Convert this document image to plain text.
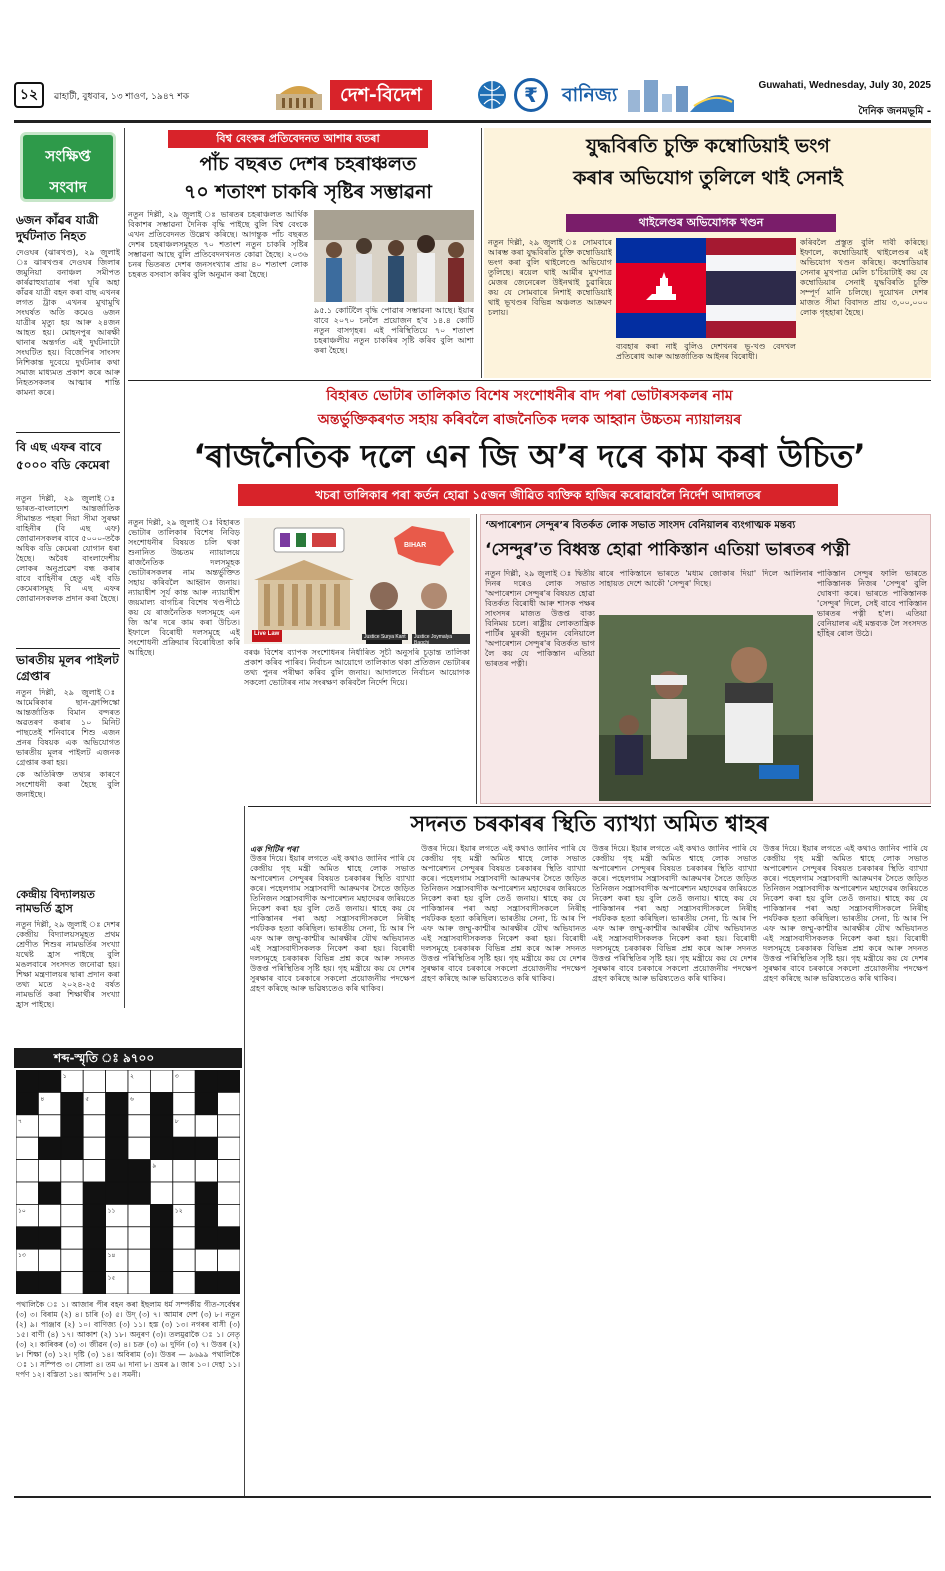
১২	ৱাহাটী, বুধবাৰ, ১৩ শাওণ, ১৯৪৭ শক	দেশ-বিদেশ	₹	বানিজ্য	Guwahati, Wednesday, July 30, 2025
দৈনিক জনমভূমি -
সংক্ষিপ্ত
সংবাদ
৬জন কাঁৱৰ যাত্ৰী দুৰ্ঘটনাত নিহত
দেওঘৰ (ঝাৰখণ্ড), ২৯ জুলাই ঃ ঝাৰখণ্ডৰ দেওঘৰ জিলাৰ জমুনিয়া বনাঞ্চল সমীপত কাৰ্ৰৱাহুযাত্ৰাৰ পৰা ঘূৰি অহা কাঁৱৰ যাত্ৰী বহন কৰা বাছ এখনৰ লগত ট্ৰাক এখনৰ মুখামুখি সংঘৰ্ষত অতি কমেও ৬জন যাত্ৰীৰ মৃত্যু হয় আৰু ২৪জন আহত হয়। মোহনপুৰ আৰক্ষী থানাৰ অন্তৰ্গত এই দুৰ্ঘটনাটো সংঘটিত হয়। বিজেপিৰ সাংসদ নিশিকান্ত দুবেয়ে দুৰ্ঘটনাৰ কথা সমাজ মাধ্যমত প্ৰকাশ কৰে আৰু নিহতসকলৰ আত্মাৰ শান্তি কামনা কৰে।
বি এছ এফৰ বাবে ৫০০০ বডি কেমেৰা
নতুন দিল্লী, ২৯ জুলাই ঃ ভাৰত-বাংলাদেশ আন্তৰ্জাতিক সীমান্তত পহৰা দিয়া সীমা সুৰক্ষা বাহিনীৰ (বি এছ এফ) জোৱানসকলৰ বাবে ৫০০০-তকৈ অধিক বডি কেমেৰা যোগান ধৰা হৈছে। অবৈধ বাংলাদেশীয় লোকৰ অনুপ্ৰৱেশ বন্ধ কৰাৰ বাবে বাহিনীৰ হেতু এই বডি কেমেৰাসমূহ বি এছ এফৰ জোৱানসকলক প্ৰদান কৰা হৈছে।
ভাৰতীয় মূলৰ পাইলট গ্ৰেপ্তাৰ
নতুন দিল্লী, ২৯ জুলাই ঃ আমেৰিকাৰ ছান-ফ্ৰান্সিস্কো আন্তৰ্জাতিক বিমান বন্দৰত অৱতৰণ কৰাৰ ১০ মিনিট পাছতেই শনিবাৰে শিশু এজন প্ৰনৰ বিষয়ক এক অভিযোগত ভাৰতীয় মূলৰ পাইলট এজনক গ্ৰেপ্তাৰ কৰা হয়।
কে অতিৰিক্ত তথ্যৰ কাৰণে সংশোধনী কৰা হৈছে বুলি জনাইছে।
কেন্দ্ৰীয় বিদ্যালয়ত নামভৰ্তি হ্ৰাস
নতুন দিল্লী, ২৯ জুলাই ঃ দেশৰ কেন্দ্ৰীয় বিদ্যালয়সমূহত প্ৰথম শ্ৰেণীত শিশুৰ নামভৰ্তিৰ সংখ্যা যথেষ্ট হ্ৰাস পাইছে বুলি মঙলবাৰে সংসদত জনোৱা হয়। শিক্ষা মন্ত্ৰণালয়ৰ দ্বাৰা প্ৰদান কৰা তথ্য মতে ২০২৪-২৫ বৰ্ষত নামভৰ্তি কৰা শিক্ষাৰ্থীৰ সংখ্যা হ্ৰাস পাইছে।
বিশ্ব বেংকৰ প্ৰতিবেদনত আশাৰ বতৰা
পাঁচ বছৰত দেশৰ চহৰাঞ্চলত
৭০ শতাংশ চাকৰি সৃষ্টিৰ সম্ভাৱনা
নতুন দিল্লী, ২৯ জুলাই ঃ ভাৰতৰ চহৰাঞ্চলত আৰ্থিক বিকাশৰ সম্ভাৱনা দৈনিক বৃদ্ধি পাইছে বুলি বিশ্ব বেংকে এখন প্ৰতিবেদনত উল্লেখ কৰিছে। আগন্তুক পাঁচ বছৰত দেশৰ চহৰাঞ্চলসমূহত ৭০ শতাংশ নতুন চাকৰি সৃষ্টিৰ সম্ভাৱনা আছে বুলি প্ৰতিবেদনখনত কোৱা হৈছে। ২০৩৬ চনৰ ভিতৰত দেশৰ জনসংখ্যাৰ প্ৰায় ৪০ শতাংশ লোক চহৰত বসবাস কৰিব বুলি অনুমান কৰা হৈছে।
৯৫.১ কোটিলৈ বৃদ্ধি পোৱাৰ সম্ভাৱনা আছে। ইয়াৰ বাবে ২০৭০ চনলৈ প্ৰয়োজন হ'ব ১৪.৪ কোটি নতুন বাসগৃহৰ। এই পৰিস্থিতিয়ে ৭০ শতাংশ চহৰাঞ্চলীয় নতুন চাকৰিৰ সৃষ্টি কৰিব বুলি আশা কৰা হৈছে।
যুদ্ধবিৰতি চুক্তি কম্বোডিয়াই ভংগ
কৰাৰ অভিযোগ তুলিলে থাই সেনাই
থাইলেণ্ডৰ অভিযোগক খণ্ডন
নতুন দিল্লী, ২৯ জুলাই ঃ সোমবাৰে আৰম্ভ কৰা যুদ্ধবিৰতি চুক্তি কম্বোডিয়াই ভংগ কৰা বুলি থাইলেণ্ডে অভিযোগ তুলিছে। ৰয়েল থাই আৰ্মীৰ মুখপাত্ৰ মেজৰ জেনেৰেল উইনথাই চুৱাৰিয়ে কয় যে সোমবাৰে নিশাই কম্বোডিয়াই থাই ভূখণ্ডৰ বিভিন্ন অঞ্চলত আক্ৰমণ চলায়।
কৰিবলৈ প্ৰস্তুত বুলি দাবী কৰিছে। ইফালে, কম্বোডিয়াই থাইলেণ্ডৰ এই অভিযোগ খণ্ডন কৰিছে। কম্বোডিয়াৰ সেনাৰ মুখপাত্ৰ মেলি চ'চিয়াটাই কয় যে কম্বোডিয়াৰ সেনাই যুদ্ধবিৰতি চুক্তি সম্পূৰ্ণ মানি চলিছে। দুয়োখন দেশৰ মাজত সীমা বিবাদত প্ৰায় ৩,০০,০০০ লোক গৃহহাৰা হৈছে।
ব্যবহাৰ কৰা নাই বুলিও দেশখনৰ ভূ-খণ্ড বেদখল প্ৰতিৰোধ আৰু আন্তৰ্জাতিক আইনৰ বিৰোধী।
বিহাৰত ভোটাৰ তালিকাত বিশেষ সংশোধনীৰ বাদ পৰা ভোটাৰসকলৰ নাম
অন্তৰ্ভুক্তিকৰণত সহায় কৰিবলৈ ৰাজনৈতিক দলক আহ্বান উচ্চতম ন্যায়ালয়ৰ
‘ৰাজনৈতিক দলে এন জি অ’ৰ দৰে কাম কৰা উচিত’
খচৰা তালিকাৰ পৰা কৰ্তন হোৱা ১৫জন জীৱিত ব্যক্তিক হাজিৰ কৰোৱাবলৈ নিৰ্দেশ আদালতৰ
নতুন দিল্লী, ২৯ জুলাই ঃ বিহাৰত ভোটাৰ তালিকাৰ বিশেষ নিবিড় সংশোধনীৰ বিষয়ত চলি থকা শুনানিত উচ্চতম ন্যায়ালয়ে ৰাজনৈতিক দলসমূহক ভোটাৰসকলৰ নাম অন্তৰ্ভুক্তিত সহায় কৰিবলৈ আহ্বান জনায়। ন্যায়াধীশ সূৰ্য কান্ত আৰু ন্যায়াধীশ জয়মাল্য বাগচিৰ বিশেষ খণ্ডপীঠে কয় যে ৰাজনৈতিক দলসমূহে এন জি অ'ৰ দৰে কাম কৰা উচিত। ইফালে বিৰোধী দলসমূহে এই সংশোধনী প্ৰক্ৰিয়াৰ বিৰোধিতা কৰি আহিছে।
BIHAR
Justice Surya Kant	Justice Joymalya Bagchi
Live Law
বৰঞ্চ বিশেষ ব্যাপক সংশোধনৰ নিৰ্ধাৰিত সূচী অনুসৰি চূড়ান্ত তালিকা প্ৰকাশ কৰিব পাৰিব। নিৰ্বাচন আয়োগে তালিকাত থকা প্ৰতিজন ভোটাৰৰ তথ্য পুনৰ পৰীক্ষা কৰিব বুলি জনায়। আদালতে নিৰ্বাচন আয়োগক সকলো ভোটাৰৰ নাম সংৰক্ষণ কৰিবলৈ নিৰ্দেশ দিয়ে।
‘অপাৰেশ্যন সেন্দুৰ’ৰ বিতৰ্কত লোক সভাত সাংসদ বেনিয়ালৰ ব্যংগাত্মক মন্তব্য
‘সেন্দুৰ’ত বিধ্বস্ত হোৱা পাকিস্তান এতিয়া ভাৰতৰ পত্নী
নতুন দিল্লী, ২৯ জুলাই ঃ দ্বিতীয় দিনৰ দৰেও লোক সভাত 'অপাৰেশ্যন সেন্দুৰ'ৰ বিষয়ত হোৱা বিতৰ্কত বিৰোধী আৰু শাসক পক্ষৰ সাংসদৰ মাজত উত্তপ্ত বাক্য বিনিময় চলে। ৰাষ্ট্ৰীয় লোকতান্ত্ৰিক পাৰ্টিৰ মুৰব্বী হনুমান বেনিয়ালে 'অপাৰেশ্যন সেন্দুৰ'ৰ বিতৰ্কত ভাগ লৈ কয় যে পাকিস্তান এতিয়া ভাৰতৰ পত্নী।
ৰাৰে পাকিস্তানে ভাৰতে 'মধ্যম জোকাৰ দিয়া' দিলে আলিনাৰ সাহায়ত দেশে আকৌ 'সেন্দুৰ' দিছে।
পাকিস্তান সেন্দুৰ ফালি ভাৰতে পাকিস্তানক নিজৰ 'সেন্দুৰ' বুলি ঘোষণা কৰে। ভাৰতে পাকিস্তানক 'সেন্দুৰ' দিলে, সেই বাবে পাকিস্তান ভাৰতৰ পত্নী হ'ল। এতিয়া বেনিয়ালৰ এই মন্তব্যক লৈ সংসদত হাঁহিৰ ৰোল উঠে।
সদনত চৰকাৰৰ স্থিতি ব্যাখ্যা অমিত শ্বাহৰ
এক গিটিৰ পৰা
উত্তৰ দিয়ে। ইয়াৰ লগতে এই কথাও জানিব পাৰি যে কেন্দ্ৰীয় গৃহ মন্ত্ৰী অমিত শ্বাহে লোক সভাত অপাৰেশ্যন সেন্দুৰৰ বিষয়ত চৰকাৰৰ স্থিতি ব্যাখ্যা কৰে। পহেলগাম সন্ত্ৰাসবাদী আক্ৰমণৰ সৈতে জড়িত তিনিজন সন্ত্ৰাসবাদীক অপাৰেশ্যন মহাদেৱৰ জৰিয়তে নিকেশ কৰা হয় বুলি তেওঁ জনায়। শ্বাহে কয় যে পাকিস্তানৰ পৰা অহা সন্ত্ৰাসবাদীসকলে নিৰীহ পৰ্যটকক হত্যা কৰিছিল। ভাৰতীয় সেনা, চি আৰ পি এফ আৰু জম্মু-কাশ্মীৰ আৰক্ষীৰ যৌথ অভিযানত এই সন্ত্ৰাসবাদীসকলক নিকেশ কৰা হয়। বিৰোধী দলসমূহে চৰকাৰক বিভিন্ন প্ৰশ্ন কৰে আৰু সদনত উত্তপ্ত পৰিস্থিতিৰ সৃষ্টি হয়। গৃহ মন্ত্ৰীয়ে কয় যে দেশৰ সুৰক্ষাৰ বাবে চৰকাৰে সকলো প্ৰয়োজনীয় পদক্ষেপ গ্ৰহণ কৰিছে আৰু ভৱিষ্যতেও কৰি থাকিব।
উত্তৰ দিয়ে। ইয়াৰ লগতে এই কথাও জানিব পাৰি যে কেন্দ্ৰীয় গৃহ মন্ত্ৰী অমিত শ্বাহে লোক সভাত অপাৰেশ্যন সেন্দুৰৰ বিষয়ত চৰকাৰৰ স্থিতি ব্যাখ্যা কৰে। পহেলগাম সন্ত্ৰাসবাদী আক্ৰমণৰ সৈতে জড়িত তিনিজন সন্ত্ৰাসবাদীক অপাৰেশ্যন মহাদেৱৰ জৰিয়তে নিকেশ কৰা হয় বুলি তেওঁ জনায়। শ্বাহে কয় যে পাকিস্তানৰ পৰা অহা সন্ত্ৰাসবাদীসকলে নিৰীহ পৰ্যটকক হত্যা কৰিছিল। ভাৰতীয় সেনা, চি আৰ পি এফ আৰু জম্মু-কাশ্মীৰ আৰক্ষীৰ যৌথ অভিযানত এই সন্ত্ৰাসবাদীসকলক নিকেশ কৰা হয়। বিৰোধী দলসমূহে চৰকাৰক বিভিন্ন প্ৰশ্ন কৰে আৰু সদনত উত্তপ্ত পৰিস্থিতিৰ সৃষ্টি হয়। গৃহ মন্ত্ৰীয়ে কয় যে দেশৰ সুৰক্ষাৰ বাবে চৰকাৰে সকলো প্ৰয়োজনীয় পদক্ষেপ গ্ৰহণ কৰিছে আৰু ভৱিষ্যতেও কৰি থাকিব।
উত্তৰ দিয়ে। ইয়াৰ লগতে এই কথাও জানিব পাৰি যে কেন্দ্ৰীয় গৃহ মন্ত্ৰী অমিত শ্বাহে লোক সভাত অপাৰেশ্যন সেন্দুৰৰ বিষয়ত চৰকাৰৰ স্থিতি ব্যাখ্যা কৰে। পহেলগাম সন্ত্ৰাসবাদী আক্ৰমণৰ সৈতে জড়িত তিনিজন সন্ত্ৰাসবাদীক অপাৰেশ্যন মহাদেৱৰ জৰিয়তে নিকেশ কৰা হয় বুলি তেওঁ জনায়। শ্বাহে কয় যে পাকিস্তানৰ পৰা অহা সন্ত্ৰাসবাদীসকলে নিৰীহ পৰ্যটকক হত্যা কৰিছিল। ভাৰতীয় সেনা, চি আৰ পি এফ আৰু জম্মু-কাশ্মীৰ আৰক্ষীৰ যৌথ অভিযানত এই সন্ত্ৰাসবাদীসকলক নিকেশ কৰা হয়। বিৰোধী দলসমূহে চৰকাৰক বিভিন্ন প্ৰশ্ন কৰে আৰু সদনত উত্তপ্ত পৰিস্থিতিৰ সৃষ্টি হয়। গৃহ মন্ত্ৰীয়ে কয় যে দেশৰ সুৰক্ষাৰ বাবে চৰকাৰে সকলো প্ৰয়োজনীয় পদক্ষেপ গ্ৰহণ কৰিছে আৰু ভৱিষ্যতেও কৰি থাকিব।
উত্তৰ দিয়ে। ইয়াৰ লগতে এই কথাও জানিব পাৰি যে কেন্দ্ৰীয় গৃহ মন্ত্ৰী অমিত শ্বাহে লোক সভাত অপাৰেশ্যন সেন্দুৰৰ বিষয়ত চৰকাৰৰ স্থিতি ব্যাখ্যা কৰে। পহেলগাম সন্ত্ৰাসবাদী আক্ৰমণৰ সৈতে জড়িত তিনিজন সন্ত্ৰাসবাদীক অপাৰেশ্যন মহাদেৱৰ জৰিয়তে নিকেশ কৰা হয় বুলি তেওঁ জনায়। শ্বাহে কয় যে পাকিস্তানৰ পৰা অহা সন্ত্ৰাসবাদীসকলে নিৰীহ পৰ্যটকক হত্যা কৰিছিল। ভাৰতীয় সেনা, চি আৰ পি এফ আৰু জম্মু-কাশ্মীৰ আৰক্ষীৰ যৌথ অভিযানত এই সন্ত্ৰাসবাদীসকলক নিকেশ কৰা হয়। বিৰোধী দলসমূহে চৰকাৰক বিভিন্ন প্ৰশ্ন কৰে আৰু সদনত উত্তপ্ত পৰিস্থিতিৰ সৃষ্টি হয়। গৃহ মন্ত্ৰীয়ে কয় যে দেশৰ সুৰক্ষাৰ বাবে চৰকাৰে সকলো প্ৰয়োজনীয় পদক্ষেপ গ্ৰহণ কৰিছে আৰু ভৱিষ্যতেও কৰি থাকিব।
শব্দ-স্মৃতি ঃ ৯৭০০
১	২	৩
৪	৫	৬
৭	৮
৯
১০	১১	১২
১৩	১৪
১৫
পথালিকৈ ঃ ১। আজাৰ পীৰ বহন কৰা ইছলাম ধৰ্ম সম্পৰ্কীয় গীত-সৰ্বেশ্বৰ (৩) ৩। বিৰাম (২) ৪। চাৰি (৩) ৫। উদ্ (৩) ৭। আমাৰ দেশ (৩) ৮। নতুন (২) ৯। পাঞ্জাব (২) ১০। বাণিজ্য (৩) ১১। হস্ত (৩) ১৩। নগৰৰ বাসী (৩) ১৫। বাণী (৪) ১৭। আকাশ (২) ১৮। অনুৰণ (৩)। তলমুৱাকৈ ঃ ১। নেতৃ (৩) ২। কাৰিকৰ (৩) ৩। জীৱন (৩) ৪। চক্ৰ (৩) ৬। দুৰ্দিন (৩) ৭। উত্তৰ (২) ৮। শিক্ষা (৩) ১২। দৃষ্টি (৩) ১৪। অবিৰাম (৩)। উত্তৰ — ৯৬৯৯ পথালিকৈ ঃ ১। সম্পিণ্ড ৩। সোলা ৪। তম ৬। দানা ৮। ভ্ৰমৰ ৯। জাৰ ১০। দেহা ১১। দৰ্পণ ১২। বস্তিতা ১৪। আনন্দি ১৫। সমনী।
